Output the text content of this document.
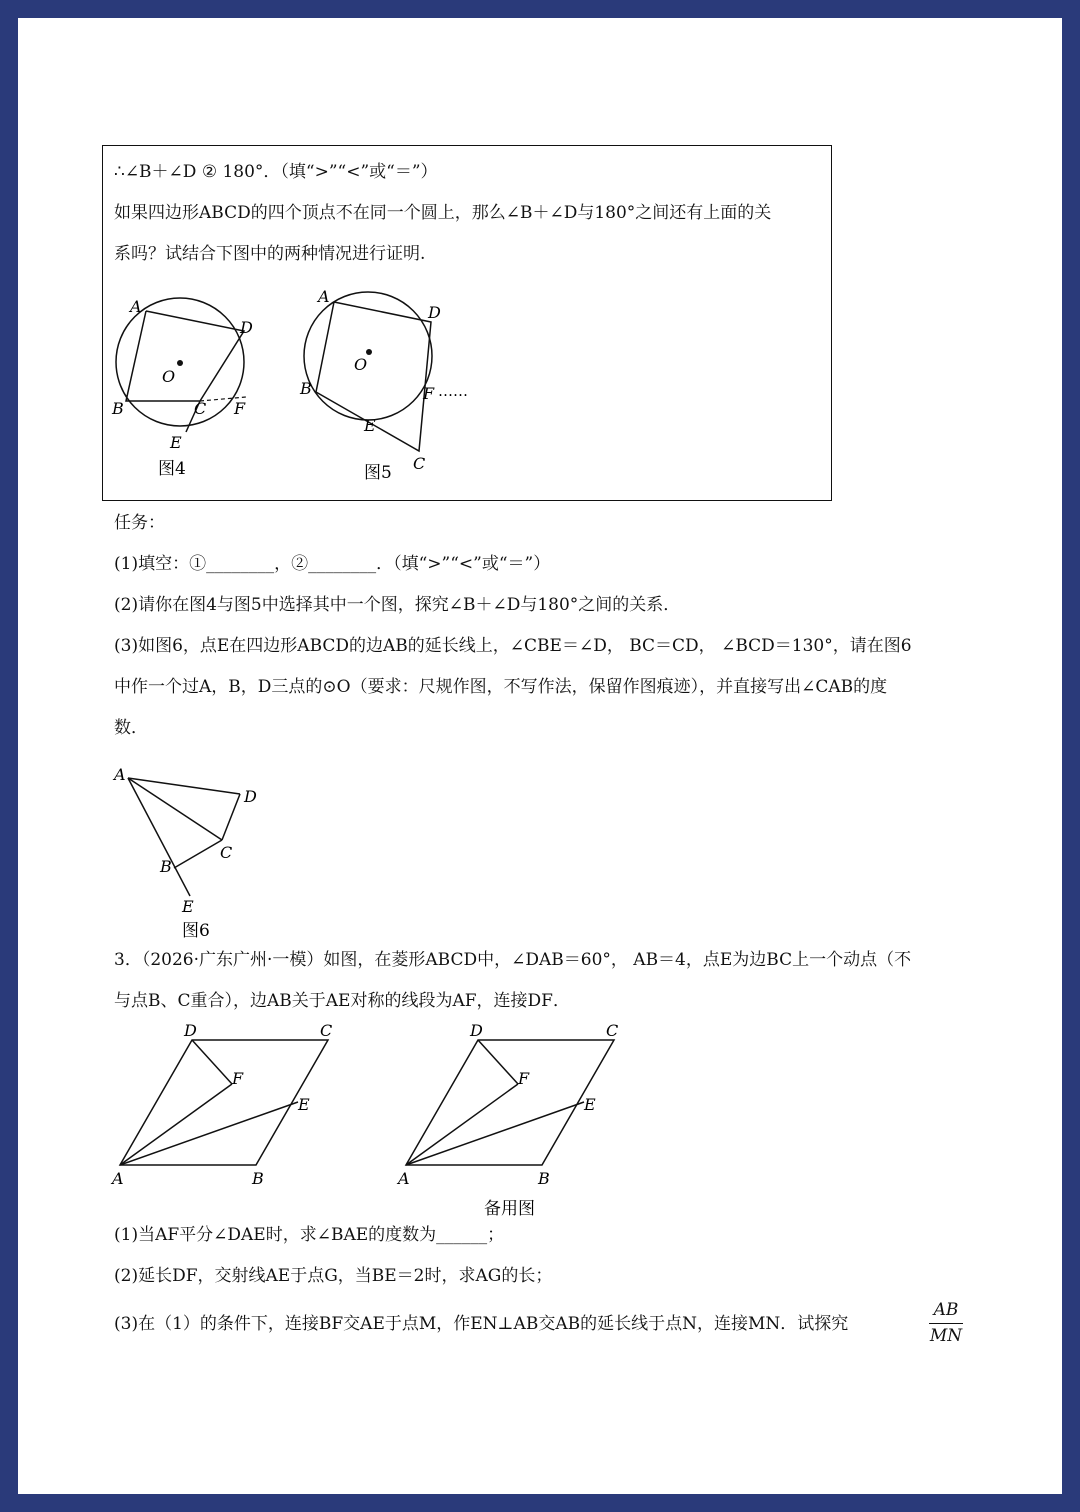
∴∠B＋∠D ② 180°．（填“>”“<”或“＝”）
如果四边形ABCD的四个顶点不在同一个圆上，那么∠B＋∠D与180°之间还有上面的关
系吗？试结合下图中的两种情况进行证明.
A
D
O
B	C F
E
图4
A
D
O
B	F ……
E
C
图5
任务：
(1)填空：①________，②________．（填“>”“<”或“＝”）
(2)请你在图4与图5中选择其中一个图，探究∠B＋∠D与180°之间的关系．
(3)如图6，点E在四边形ABCD的边AB的延长线上，∠CBE＝∠D， BC＝CD， ∠BCD＝130°，请在图6
中作一个过A，B，D三点的⊙O（要求：尺规作图，不写作法，保留作图痕迹），并直接写出∠CAB的度
数．
A
D
C
B
E
图6
3．（2026·广东广州·一模）如图，在菱形ABCD中，∠DAB＝60°， AB＝4，点E为边BC上一个动点（不
与点B、C重合），边AB关于AE对称的线段为AF，连接DF．
D	C
F
E
A	B
D	C
F
E
A	B
备用图
(1)当AF平分∠DAE时，求∠BAE的度数为______；
(2)延长DF，交射线AE于点G，当BE＝2时，求AG的长；
(3)在（1）的条件下，连接BF交AE于点M，作EN⊥AB交AB的延长线于点N，连接MN．试探究
AB
MN
